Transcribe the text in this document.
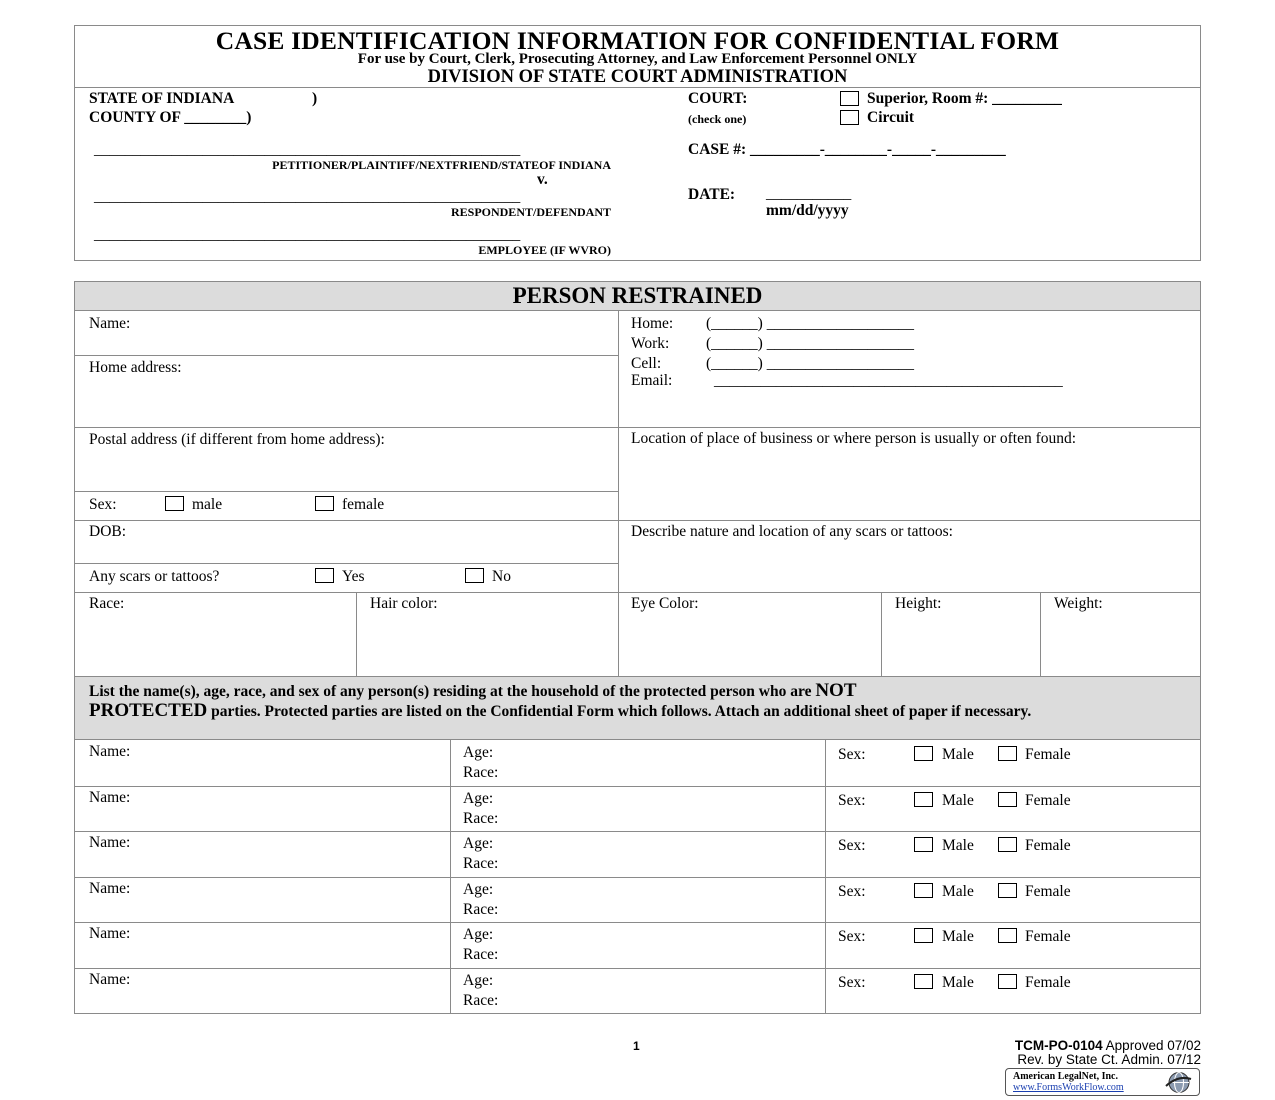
CASE IDENTIFICATION INFORMATION FOR CONFIDENTIAL FORM
For use by Court, Clerk, Prosecuting Attorney, and Law Enforcement Personnel ONLY
DIVISION OF STATE COURT ADMINISTRATION
STATE OF INDIANA	)
COUNTY OF ________)
_______________________________________________________
PETITIONER/PLAINTIFF/NEXTFRIEND/STATEOF INDIANA
v.
_______________________________________________________
RESPONDENT/DEFENDANT
_______________________________________________________
EMPLOYEE (IF WVRO)
COURT:
(check one)
Superior, Room #: _________
Circuit
CASE #: _________-________-_____-_________
DATE: ___________
mm/dd/yyyy
PERSON RESTRAINED
Name:
Home address:
Home: (______) ___________________
Work: (______) ___________________
Cell:	(______) ___________________
Email:	_____________________________________________
Postal address (if different from home address):	Location of place of business or where person is usually or often found:
Sex:	male	female
DOB:	Describe nature and location of any scars or tattoos:
Any scars or tattoos?	Yes	No
Race:	Hair color:	Eye Color:	Height:	Weight:
List the name(s), age, race, and sex of any person(s) residing at the household of the protected person who are NOT
PROTECTED parties. Protected parties are listed on the Confidential Form which follows. Attach an additional sheet of paper if necessary.
Name:	Age:
Race:
Sex:	Male	Female
Name:	Age:
Race:
Sex:	Male	Female
Name:	Age:
Race:
Sex:	Male	Female
Name:	Age:
Race:
Sex:	Male	Female
Name:	Age:
Race:
Sex:	Male	Female
Name:	Age:
Race:
Sex:	Male	Female
1	TCM-PO-0104 Approved 07/02
Rev. by State Ct. Admin. 07/12
American LegalNet, Inc.
www.FormsWorkFlow.com
